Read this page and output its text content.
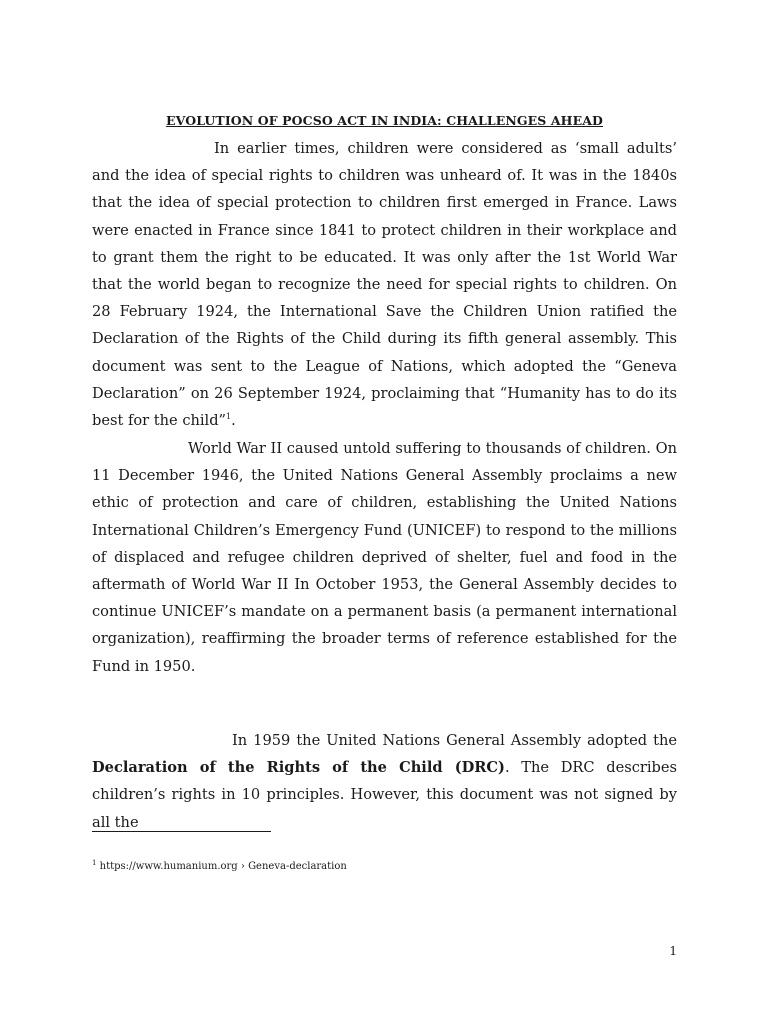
EVOLUTION OF POCSO ACT IN INDIA: CHALLENGES AHEAD

In earlier times, children were considered as ‘small adults’ and the idea of special rights to children was unheard of. It was in the 1840s that the idea of special protection to children first emerged in France. Laws were enacted in France since 1841 to protect children in their workplace and to grant them the right to be educated. It was only after the 1st World War that the world began to recognize the need for special rights to children. On 28 February 1924, the International Save the Children Union ratified the Declaration of the Rights of the Child during its fifth general assembly. This document was sent to the League of Nations, which adopted the “Geneva Declaration” on 26 September 1924, proclaiming that “Humanity has to do its best for the child”$^1$.

World War II caused untold suffering to thousands of children. On 11 December 1946, the United Nations General Assembly proclaims a new ethic of protection and care of children, establishing the United Nations International Children’s Emergency Fund (UNICEF) to respond to the millions of displaced and refugee children deprived of shelter, fuel and food in the aftermath of World War II In October 1953, the General Assembly decides to continue UNICEF’s mandate on a permanent basis (a permanent international organization), reaffirming the broader terms of reference established for the Fund in 1950.

In 1959 the United Nations General Assembly adopted the Declaration of the Rights of the Child (DRC). The DRC describes children’s rights in 10 principles. However, this document was not signed by all the

$^1$ https://www.humanium.org › Geneva-declaration
1
